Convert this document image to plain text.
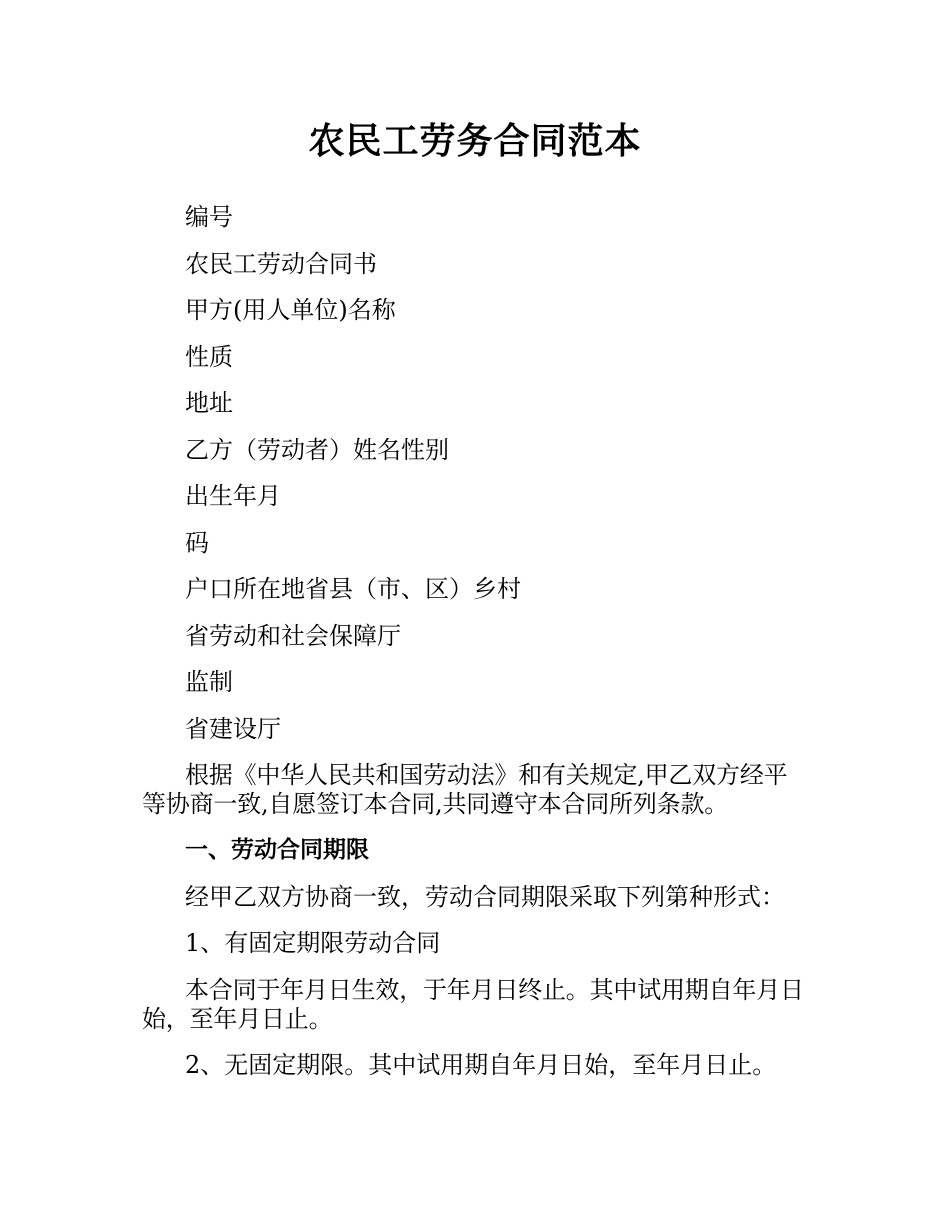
农民工劳务合同范本

编号

农民工劳动合同书

甲方(用人单位)名称

性质

地址

乙方（劳动者）姓名性别

出生年月

码

户口所在地省县（市、区）乡村

省劳动和社会保障厅

监制

省建设厅

根据《中华人民共和国劳动法》和有关规定,甲乙双方经平等协商一致,自愿签订本合同,共同遵守本合同所列条款。

一、劳动合同期限

经甲乙双方协商一致，劳动合同期限采取下列第种形式：

1、有固定期限劳动合同

本合同于年月日生效，于年月日终止。其中试用期自年月日始，至年月日止。

2、无固定期限。其中试用期自年月日始，至年月日止。
